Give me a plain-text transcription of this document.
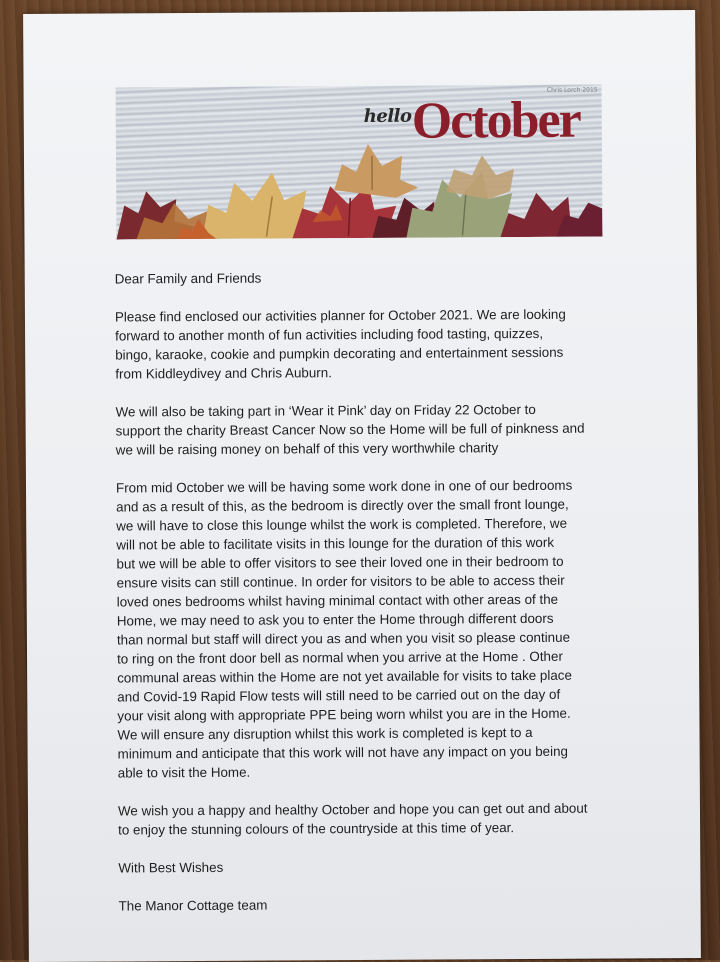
hello October
Chris Lorch 2015

Dear Family and Friends

Please find enclosed our activities planner for October 2021. We are looking
forward to another month of fun activities including food tasting, quizzes,
bingo, karaoke, cookie and pumpkin decorating and entertainment sessions
from Kiddleydivey and Chris Auburn.

We will also be taking part in ‘Wear it Pink’ day on Friday 22 October to
support the charity Breast Cancer Now so the Home will be full of pinkness and
we will be raising money on behalf of this very worthwhile charity

From mid October we will be having some work done in one of our bedrooms
and as a result of this, as the bedroom is directly over the small front lounge,
we will have to close this lounge whilst the work is completed. Therefore, we
will not be able to facilitate visits in this lounge for the duration of this work
but we will be able to offer visitors to see their loved one in their bedroom to
ensure visits can still continue. In order for visitors to be able to access their
loved ones bedrooms whilst having minimal contact with other areas of the
Home, we may need to ask you to enter the Home through different doors
than normal but staff will direct you as and when you visit so please continue
to ring on the front door bell as normal when you arrive at the Home . Other
communal areas within the Home are not yet available for visits to take place
and Covid-19 Rapid Flow tests will still need to be carried out on the day of
your visit along with appropriate PPE being worn whilst you are in the Home.
We will ensure any disruption whilst this work is completed is kept to a
minimum and anticipate that this work will not have any impact on you being
able to visit the Home.

We wish you a happy and healthy October and hope you can get out and about
to enjoy the stunning colours of the countryside at this time of year.

With Best Wishes

The Manor Cottage team
